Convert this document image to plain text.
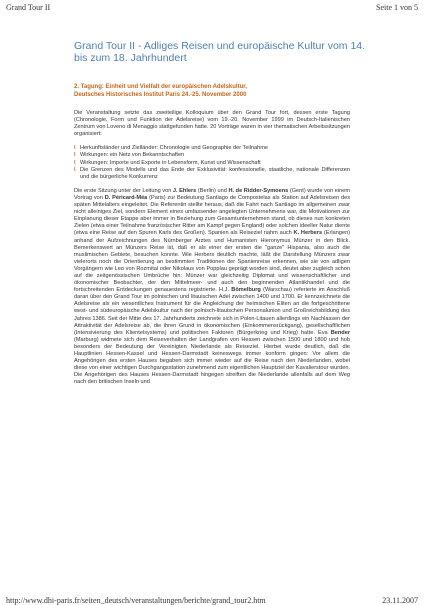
Grand Tour II	Seite 1 von 5
Grand Tour II - Adliges Reisen und europäische Kultur vom 14. bis zum 18. Jahrhundert
2. Tagung: Einheit und Vielfalt der europäischen Adelskultur,
Deutsches Historisches Institut Paris 24.-25. November 2000

Die Veranstaltung setzte das zweiteilige Kolloquium über den Grand Tour fort, dessen erste Tagung (Chronologie, Form und Funktion der Adelsreise) vom 19.-20. November 1999 im Deutsch-Italienischen Zentrum von Loveno di Menaggio stattgefunden hatte. 20 Vorträge waren in vier thematischen Arbeitssitzungen organisiert:

l Herkunftsländer und Zielländer: Chronologie und Geographie der Teilnahme
l Wirkungen: ein Netz von Bekanntschaften
l Wirkungen: Importe und Exporte in Lebensform, Kunst und Wissenschaft
l Die Grenzen des Modells und das Ende der Exklusivität: konfessionelle, staatliche, nationale Differenzen und die bürgerliche Konkurrenz

Die erste Sitzung unter der Leitung von J. Ehlers (Berlin) und H. de Ridder-Symoens (Gent) wurde von einem Vortrag von D. Péricard-Méa (Paris) zur Bedeutung Santiago de Compostelas als Station auf Adelsreisen des späten Mittelalters eingeleitet. Die Referentin stellte heraus, daß die Fahrt nach Santiago im allgemeinen zwar nicht alleiniges Ziel, sondern Element eines umfassender angelegten Unternehmens war, die Motivationen zur Einplanung dieser Etappe aber immer in Beziehung zum Gesamtunternehmen stand, ob dieses nun konkreten Zielen (etwa einer Teilnahme französischer Ritter am Kampf gegen England) oder solchen ideeller Natur diente (etwa eine Reise auf den Spuren Karls des Großen). Spanien als Reiseziel nahm auch K. Herbers (Erlangen) anhand der Aufzeichnungen des Nürnberger Arztes und Humanisten Hieronymus Münzer in den Blick. Bemerkenswert an Münzers Reise ist, daß er als einer der ersten die "ganze" Hispania, also auch die muslimischen Gebiete, besuchen konnte. Wie Herbers deutlich machte, läßt die Darstellung Münzers zwar vielerorts noch die Orientierung an bestimmten Traditionen der Spanienreise erkennen, wie sie von adligen Vorgängern wie Leo von Rozmital oder Nikolaus von Popplau geprägt worden sind, deutet aber zugleich schon auf die zeitgenössischen Umbrüche hin: Münzer war gleichzeitig Diplomat und wissenschaftlicher und ökonomischer Beobachter, der den Mittelmeer- und auch den beginnenden Atlantikhandel und die fortschreitenden Entdeckungen genauestens registrierte. H.J. Bömelburg (Warschau) referierte im Anschluß daran über den Grand Tour im polnischen und litauischen Adel zwischen 1400 und 1700. Er kennzeichnete die Adelsreise als ein wesentliches Instrument für die Angleichung der heimischen Eliten an die fortgeschrittene west- und südeuropäische Adelskultur nach der polnisch-litauischen Personalunion und Großreichsbildung des Jahres 1386. Seit der Mitte des 17. Jahrhunderts zeichnete sich in Polen-Litauen allerdings ein Nachlassen der Attraktivität der Adelsreise ab, die ihren Grund in ökonomischen (Einkommensrückgang), gesellschaftlichen (Intensivierung des Klientelsystems) und politischen Faktoren (Bürgerkrieg und Krieg) hatte. Eva Bender (Marburg) widmete sich dem Reiseverhalten der Landgrafen von Hessen zwischen 1500 und 1800 und hob besonders der Bedeutung der Vereinigten Niederlande als Reiseziel. Hierbei wurde deutlich, daß die Hauptlinien Hessen-Kassel und Hessen-Darmstadt keineswegs immer konform gingen: Vor allem die Angehörigen des ersten Hauses begaben sich immer wieder auf die Reise nach den Niederlanden, wobei diese von einer wichtigen Durchgangsstation zunehmend zum eigentlichen Hauptziel der Kavalierstour wurden. Die Angehörigen des Hauses Hessen-Darmstadt hingegen streiften die Niederlande allenfalls auf dem Weg nach den britischen Inseln und

http://www.dhi-paris.fr/seiten_deutsch/veranstaltungen/berichte/grand_tour2.htm	23.11.2007
